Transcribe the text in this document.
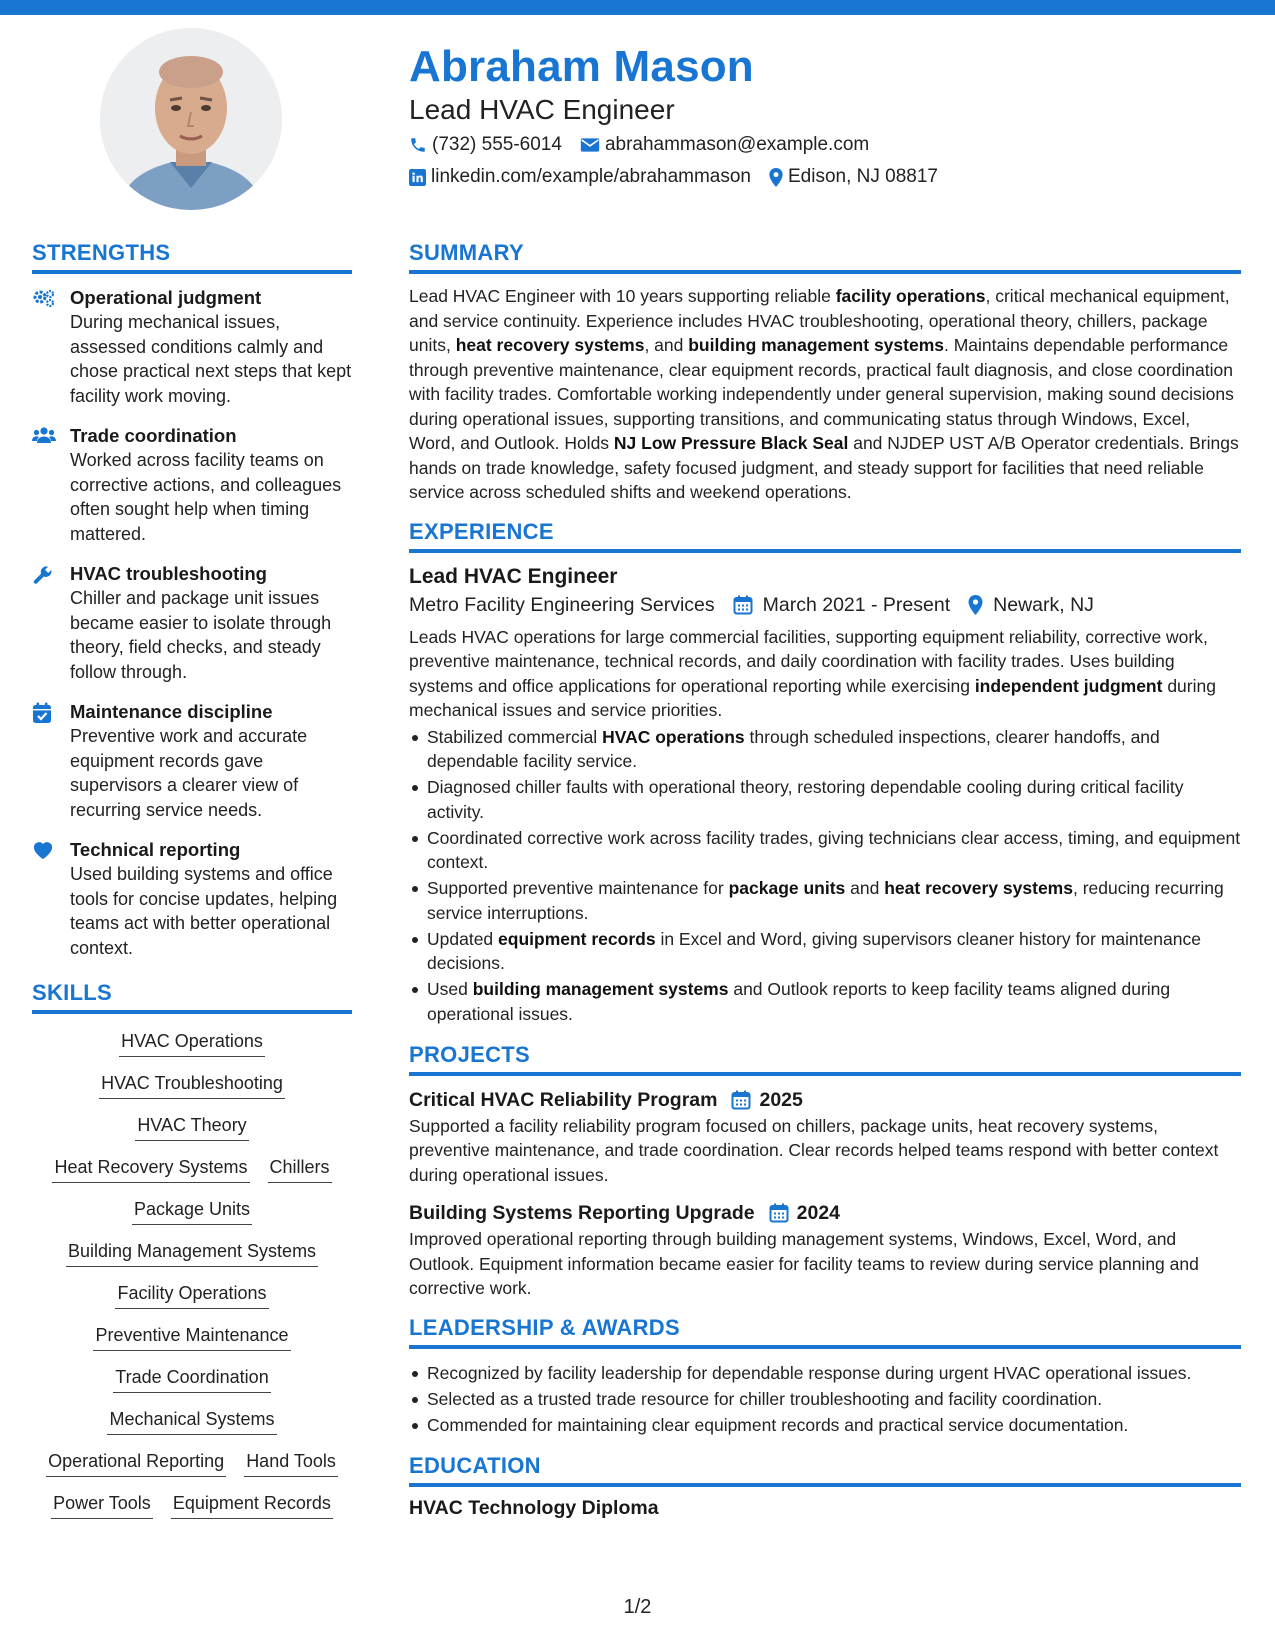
Abraham Mason
Lead HVAC Engineer
(732) 555-6014 abrahammason@example.com
linkedin.com/example/abrahammason Edison, NJ 08817
STRENGTHS
Operational judgment
During mechanical issues, assessed conditions calmly and chose practical next steps that kept facility work moving.
Trade coordination
Worked across facility teams on corrective actions, and colleagues often sought help when timing mattered.
HVAC troubleshooting
Chiller and package unit issues became easier to isolate through theory, field checks, and steady follow through.
Maintenance discipline
Preventive work and accurate equipment records gave supervisors a clearer view of recurring service needs.
Technical reporting
Used building systems and office tools for concise updates, helping teams act with better operational context.
SKILLS
HVAC Operations
HVAC Troubleshooting
HVAC Theory
Heat Recovery Systems Chillers
Package Units
Building Management Systems
Facility Operations
Preventive Maintenance
Trade Coordination
Mechanical Systems
Operational Reporting Hand Tools
Power Tools Equipment Records
SUMMARY

Lead HVAC Engineer with 10 years supporting reliable facility operations, critical mechanical equipment, and service continuity. Experience includes HVAC troubleshooting, operational theory, chillers, package units, heat recovery systems, and building management systems. Maintains dependable performance through preventive maintenance, clear equipment records, practical fault diagnosis, and close coordination with facility trades. Comfortable working independently under general supervision, making sound decisions during operational issues, supporting transitions, and communicating status through Windows, Excel, Word, and Outlook. Holds NJ Low Pressure Black Seal and NJDEP UST A/B Operator credentials. Brings hands on trade knowledge, safety focused judgment, and steady support for facilities that need reliable service across scheduled shifts and weekend operations.

EXPERIENCE
Lead HVAC Engineer
Metro Facility Engineering Services	March 2021 - Present	Newark, NJ

Leads HVAC operations for large commercial facilities, supporting equipment reliability, corrective work, preventive maintenance, technical records, and daily coordination with facility trades. Uses building systems and office applications for operational reporting while exercising independent judgment during mechanical issues and service priorities.

Stabilized commercial HVAC operations through scheduled inspections, clearer handoffs, and dependable facility service.
Diagnosed chiller faults with operational theory, restoring dependable cooling during critical facility activity.
Coordinated corrective work across facility trades, giving technicians clear access, timing, and equipment context.
Supported preventive maintenance for package units and heat recovery systems, reducing recurring service interruptions.
Updated equipment records in Excel and Word, giving supervisors cleaner history for maintenance decisions.
Used building management systems and Outlook reports to keep facility teams aligned during operational issues.
PROJECTS
Critical HVAC Reliability Program	2025

Supported a facility reliability program focused on chillers, package units, heat recovery systems, preventive maintenance, and trade coordination. Clear records helped teams respond with better context during operational issues.

Building Systems Reporting Upgrade	2024

Improved operational reporting through building management systems, Windows, Excel, Word, and Outlook. Equipment information became easier for facility teams to review during service planning and corrective work.

LEADERSHIP & AWARDS
Recognized by facility leadership for dependable response during urgent HVAC operational issues.
Selected as a trusted trade resource for chiller troubleshooting and facility coordination.
Commended for maintaining clear equipment records and practical service documentation.
EDUCATION
HVAC Technology Diploma
1/2
